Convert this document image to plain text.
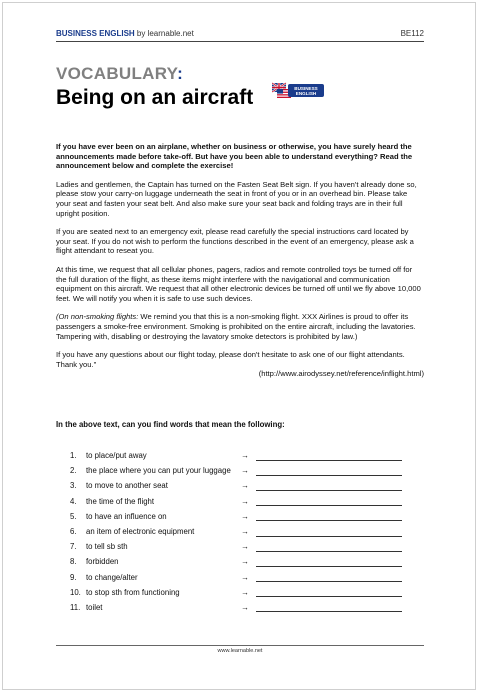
BUSINESS ENGLISH by learnable.net	BE112
VOCABULARY:
Being on an aircraft	BUSINESS
ENGLISH

If you have ever been on an airplane, whether on business or otherwise, you have surely heard the announcements made before take-off. But have you been able to understand everything? Read the announcement below and complete the exercise!

Ladies and gentlemen, the Captain has turned on the Fasten Seat Belt sign. If you haven't already done so, please stow your carry-on luggage underneath the seat in front of you or in an overhead bin. Please take your seat and fasten your seat belt. And also make sure your seat back and folding trays are in their full upright position.

If you are seated next to an emergency exit, please read carefully the special instructions card located by your seat. If you do not wish to perform the functions described in the event of an emergency, please ask a flight attendant to reseat you.

At this time, we request that all cellular phones, pagers, radios and remote controlled toys be turned off for the full duration of the flight, as these items might interfere with the navigational and communication equipment on this aircraft. We request that all other electronic devices be turned off until we fly above 10,000 feet. We will notify you when it is safe to use such devices.

(On non-smoking flights: We remind you that this is a non-smoking flight. XXX Airlines is proud to offer its passengers a smoke-free environment. Smoking is prohibited on the entire aircraft, including the lavatories. Tampering with, disabling or destroying the lavatory smoke detectors is prohibited by law.)

If you have any questions about our flight today, please don't hesitate to ask one of our flight attendants. Thank you."

(http://www.airodyssey.net/reference/inflight.html)

In the above text, can you find words that mean the following:
1.	to place/put away	→
2.	the place where you can put your luggage	→
3.	to move to another seat	→
4.	the time of the flight	→
5.	to have an influence on	→
6.	an item of electronic equipment	→
7.	to tell sb sth	→
8.	forbidden	→
9.	to change/alter	→
10. to stop sth from functioning	→
11. toilet	→
www.learnable.net
